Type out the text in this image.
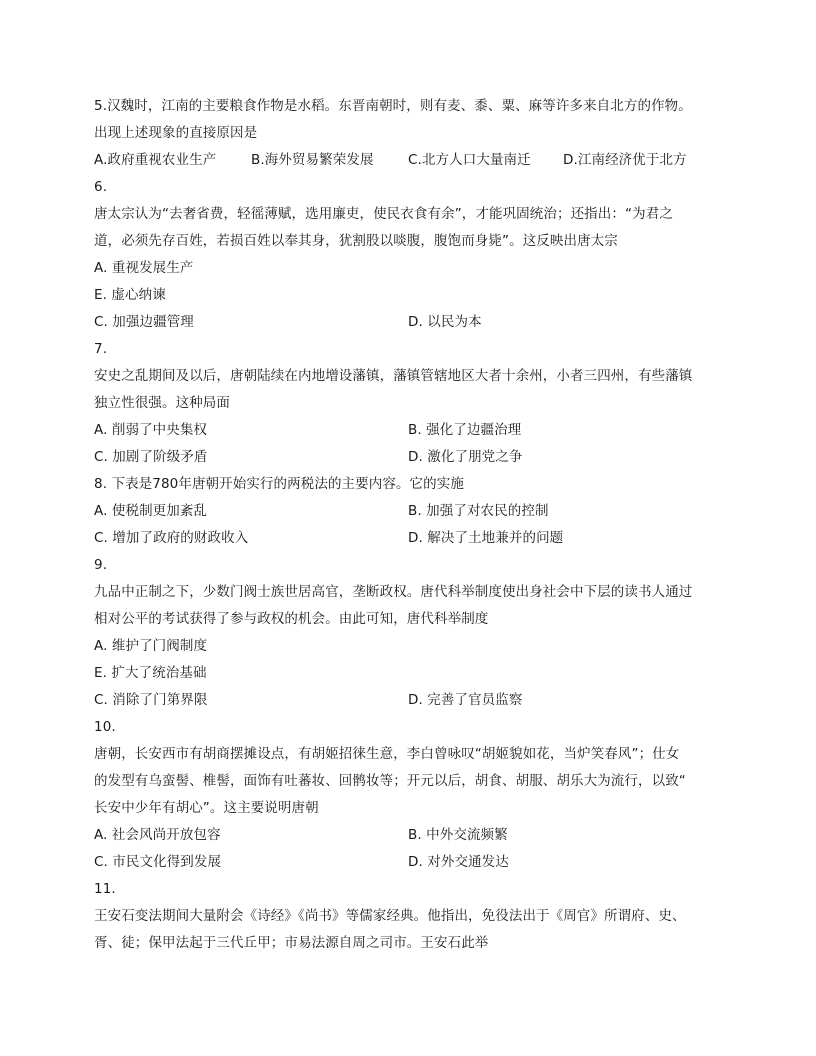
5.汉魏时，江南的主要粮食作物是水稻。东晋南朝时，则有麦、黍、粟、麻等许多来自北方的作物。
出现上述现象的直接原因是
A.政府重视农业生产	B.海外贸易繁荣发展	C.北方人口大量南迁	D.江南经济优于北方
6.
唐太宗认为“去奢省费，轻徭薄赋，选用廉吏，使民衣食有余”，才能巩固统治；还指出：“为君之
道，必须先存百姓，若损百姓以奉其身，犹割股以啖腹，腹饱而身毙”。这反映出唐太宗
A. 重视发展生产
E. 虚心纳谏
C. 加强边疆管理	D. 以民为本
7.
安史之乱期间及以后，唐朝陆续在内地增设藩镇，藩镇管辖地区大者十余州，小者三四州，有些藩镇
独立性很强。这种局面
A. 削弱了中央集权	B. 强化了边疆治理
C. 加剧了阶级矛盾	D. 激化了朋党之争
8. 下表是780年唐朝开始实行的两税法的主要内容。它的实施
A. 使税制更加紊乱	B. 加强了对农民的控制
C. 增加了政府的财政收入	D. 解决了土地兼并的问题
9.
九品中正制之下，少数门阀士族世居高官，垄断政权。唐代科举制度使出身社会中下层的读书人通过
相对公平的考试获得了参与政权的机会。由此可知，唐代科举制度
A. 维护了门阀制度
E. 扩大了统治基础
C. 消除了门第界限	D. 完善了官员监察
10.
唐朝，长安西市有胡商摆摊设点，有胡姬招徕生意，李白曾咏叹“胡姬貌如花，当炉笑春风”；仕女
的发型有乌蛮髻、椎髻，面饰有吐蕃妆、回鹘妆等；开元以后，胡食、胡服、胡乐大为流行，以致“
长安中少年有胡心”。这主要说明唐朝
A. 社会风尚开放包容	B. 中外交流频繁
C. 市民文化得到发展	D. 对外交通发达
11.
王安石变法期间大量附会《诗经》《尚书》等儒家经典。他指出，免役法出于《周官》所谓府、史、
胥、徒；保甲法起于三代丘甲；市易法源自周之司市。王安石此举
